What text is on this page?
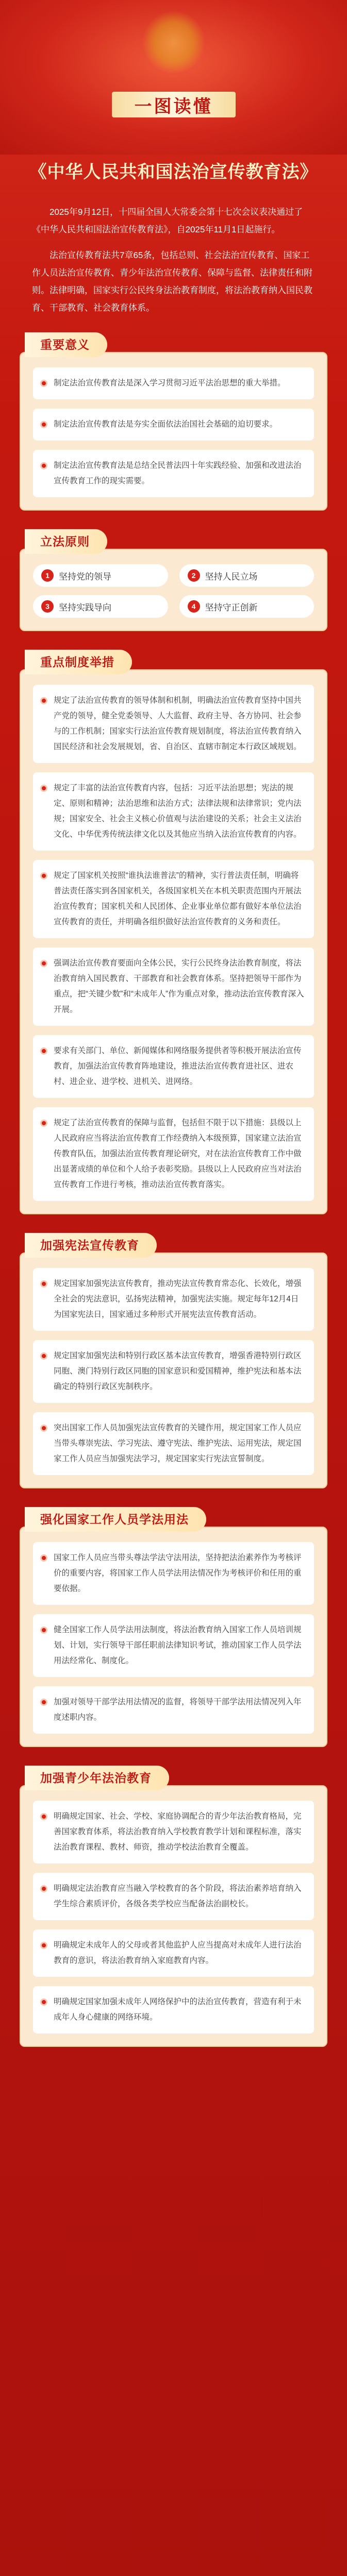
一图读懂
《中华人民共和国法治宣传教育法》

2025年9月12日，十四届全国人大常委会第十七次会议表决通过了《中华人民共和国法治宣传教育法》，自2025年11月1日起施行。

法治宣传教育法共7章65条，包括总则、社会法治宣传教育、国家工作人员法治宣传教育、青少年法治宣传教育、保障与监督、法律责任和附则。法律明确，国家实行公民终身法治教育制度，将法治教育纳入国民教育、干部教育、社会教育体系。

重要意义
制定法治宣传教育法是深入学习贯彻习近平法治思想的重大举措。
制定法治宣传教育法是夯实全面依法治国社会基础的迫切要求。
制定法治宣传教育法是总结全民普法四十年实践经验、加强和改进法治宣传教育工作的现实需要。
立法原则
1	坚持党的领导	2	坚持人民立场
3	坚持实践导向	4	坚持守正创新
重点制度举措
规定了法治宣传教育的领导体制和机制，明确法治宣传教育坚持中国共产党的领导，健全党委领导、人大监督、政府主导、各方协同、社会参与的工作机制；国家实行法治宣传教育规划制度，将法治宣传教育纳入国民经济和社会发展规划，省、自治区、直辖市制定本行政区域规划。
规定了丰富的法治宣传教育内容，包括：习近平法治思想；宪法的规定、原则和精神；法治思维和法治方式；法律法规和法律常识；党内法规；国家安全、社会主义核心价值观与法治建设的关系；社会主义法治文化、中华优秀传统法律文化以及其他应当纳入法治宣传教育的内容。
规定了国家机关按照“谁执法谁普法”的精神，实行普法责任制，明确将普法责任落实到各国家机关，各级国家机关在本机关职责范围内开展法治宣传教育；国家机关和人民团体、企业事业单位都有做好本单位法治宣传教育的责任，并明确各组织做好法治宣传教育的义务和责任。
强调法治宣传教育要面向全体公民，实行公民终身法治教育制度，将法治教育纳入国民教育、干部教育和社会教育体系。坚持把领导干部作为重点，把“关键少数”和“未成年人”作为重点对象，推动法治宣传教育深入开展。
要求有关部门、单位、新闻媒体和网络服务提供者等积极开展法治宣传教育，加强法治宣传教育阵地建设，推进法治宣传教育进社区、进农村、进企业、进学校、进机关、进网络。
规定了法治宣传教育的保障与监督，包括但不限于以下措施：县级以上人民政府应当将法治宣传教育工作经费纳入本级预算，国家建立法治宣传教育队伍，加强法治宣传教育理论研究，对在法治宣传教育工作中做出显著成绩的单位和个人给予表彰奖励。县级以上人民政府应当对法治宣传教育工作进行考核，推动法治宣传教育落实。
加强宪法宣传教育
规定国家加强宪法宣传教育，推动宪法宣传教育常态化、长效化，增强全社会的宪法意识，弘扬宪法精神，加强宪法实施。规定每年12月4日为国家宪法日，国家通过多种形式开展宪法宣传教育活动。
规定国家加强宪法和特别行政区基本法宣传教育，增强香港特别行政区同胞、澳门特别行政区同胞的国家意识和爱国精神，维护宪法和基本法确定的特别行政区宪制秩序。
突出国家工作人员加强宪法宣传教育的关键作用，规定国家工作人员应当带头尊崇宪法、学习宪法、遵守宪法、维护宪法、运用宪法，规定国家工作人员应当加强宪法学习，规定国家实行宪法宣誓制度。
强化国家工作人员学法用法
国家工作人员应当带头尊法学法守法用法，坚持把法治素养作为考核评价的重要内容，将国家工作人员学法用法情况作为考核评价和任用的重要依据。
健全国家工作人员学法用法制度，将法治教育纳入国家工作人员培训规划、计划，实行领导干部任职前法律知识考试，推动国家工作人员学法用法经常化、制度化。
加强对领导干部学法用法情况的监督，将领导干部学法用法情况列入年度述职内容。
加强青少年法治教育
明确规定国家、社会、学校、家庭协调配合的青少年法治教育格局，完善国家教育体系，将法治教育纳入学校教育教学计划和课程标准，落实法治教育课程、教材、师资，推动学校法治教育全覆盖。
明确规定法治教育应当融入学校教育的各个阶段，将法治素养培育纳入学生综合素质评价，各级各类学校应当配备法治副校长。
明确规定未成年人的父母或者其他监护人应当提高对未成年人进行法治教育的意识，将法治教育纳入家庭教育内容。
明确规定国家加强未成年人网络保护中的法治宣传教育，营造有利于未成年人身心健康的网络环境。
